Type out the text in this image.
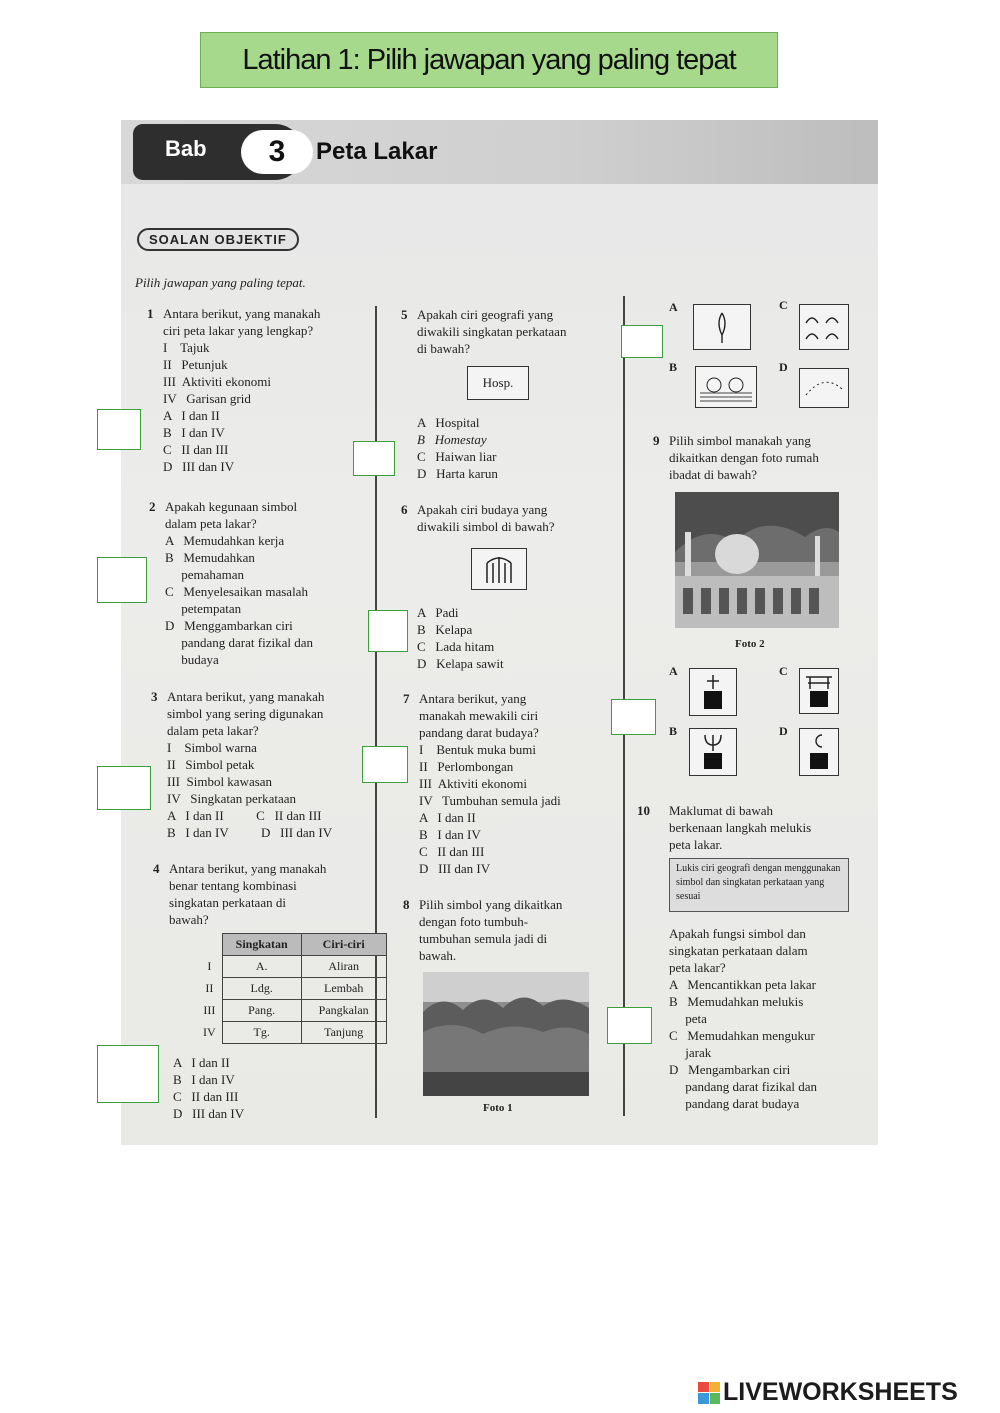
Latihan 1: Pilih jawapan yang paling tepat
Bab	3	Peta Lakar
SOALAN OBJEKTIF
Pilih jawapan yang paling tepat.
1 Antara berikut, yang manakah
ciri peta lakar yang lengkap?
I    Tajuk
II   Petunjuk
III  Aktiviti ekonomi
IV   Garisan grid
A   I dan II
B   I dan IV
C   II dan III
D   III dan IV
2 Apakah kegunaan simbol
dalam peta lakar?
A   Memudahkan kerja
B   Memudahkan
pemahaman
C   Menyelesaikan masalah
petempatan
D   Menggambarkan ciri
pandang darat fizikal dan
budaya
3 Antara berikut, yang manakah
simbol yang sering digunakan
dalam peta lakar?
I    Simbol warna
II   Simbol petak
III  Simbol kawasan
IV   Singkatan perkataan
A   I dan II          C   II dan III
B   I dan IV          D   III dan IV
4 Antara berikut, yang manakah
benar tentang kombinasi
singkatan perkataan di
bawah?
	Singkatan	Ciri-ciri
I	A.	Aliran
II	Ldg.	Lembah
III	Pang.	Pangkalan
IV	Tg.	Tanjung
A   I dan II
B   I dan IV
C   II dan III
D   III dan IV
5 Apakah ciri geografi yang
diwakili singkatan perkataan
di bawah?
Hosp.
A   Hospital
B   Homestay
C   Haiwan liar
D   Harta karun
6 Apakah ciri budaya yang
diwakili simbol di bawah?
A   Padi
B   Kelapa
C   Lada hitam
D   Kelapa sawit
7 Antara berikut, yang
manakah mewakili ciri
pandang darat budaya?
I    Bentuk muka bumi
II   Perlombongan
III  Aktiviti ekonomi
IV   Tumbuhan semula jadi
A   I dan II
B   I dan IV
C   II dan III
D   III dan IV
8 Pilih simbol yang dikaitkan
dengan foto tumbuh-
tumbuhan semula jadi di
bawah.
Foto 1
A	C
B	D
9 Pilih simbol manakah yang
dikaitkan dengan foto rumah
ibadat di bawah?
Foto 2
A	C
B	D
10 Maklumat di bawah
berkenaan langkah melukis
peta lakar.
Lukis ciri geografi dengan menggunakan simbol dan singkatan perkataan yang sesuai
Apakah fungsi simbol dan
singkatan perkataan dalam
peta lakar?
A   Mencantikkan peta lakar
B   Memudahkan melukis
peta
C   Memudahkan mengukur
jarak
D   Mengambarkan ciri
pandang darat fizikal dan
pandang darat budaya
LIVEWORKSHEETS
